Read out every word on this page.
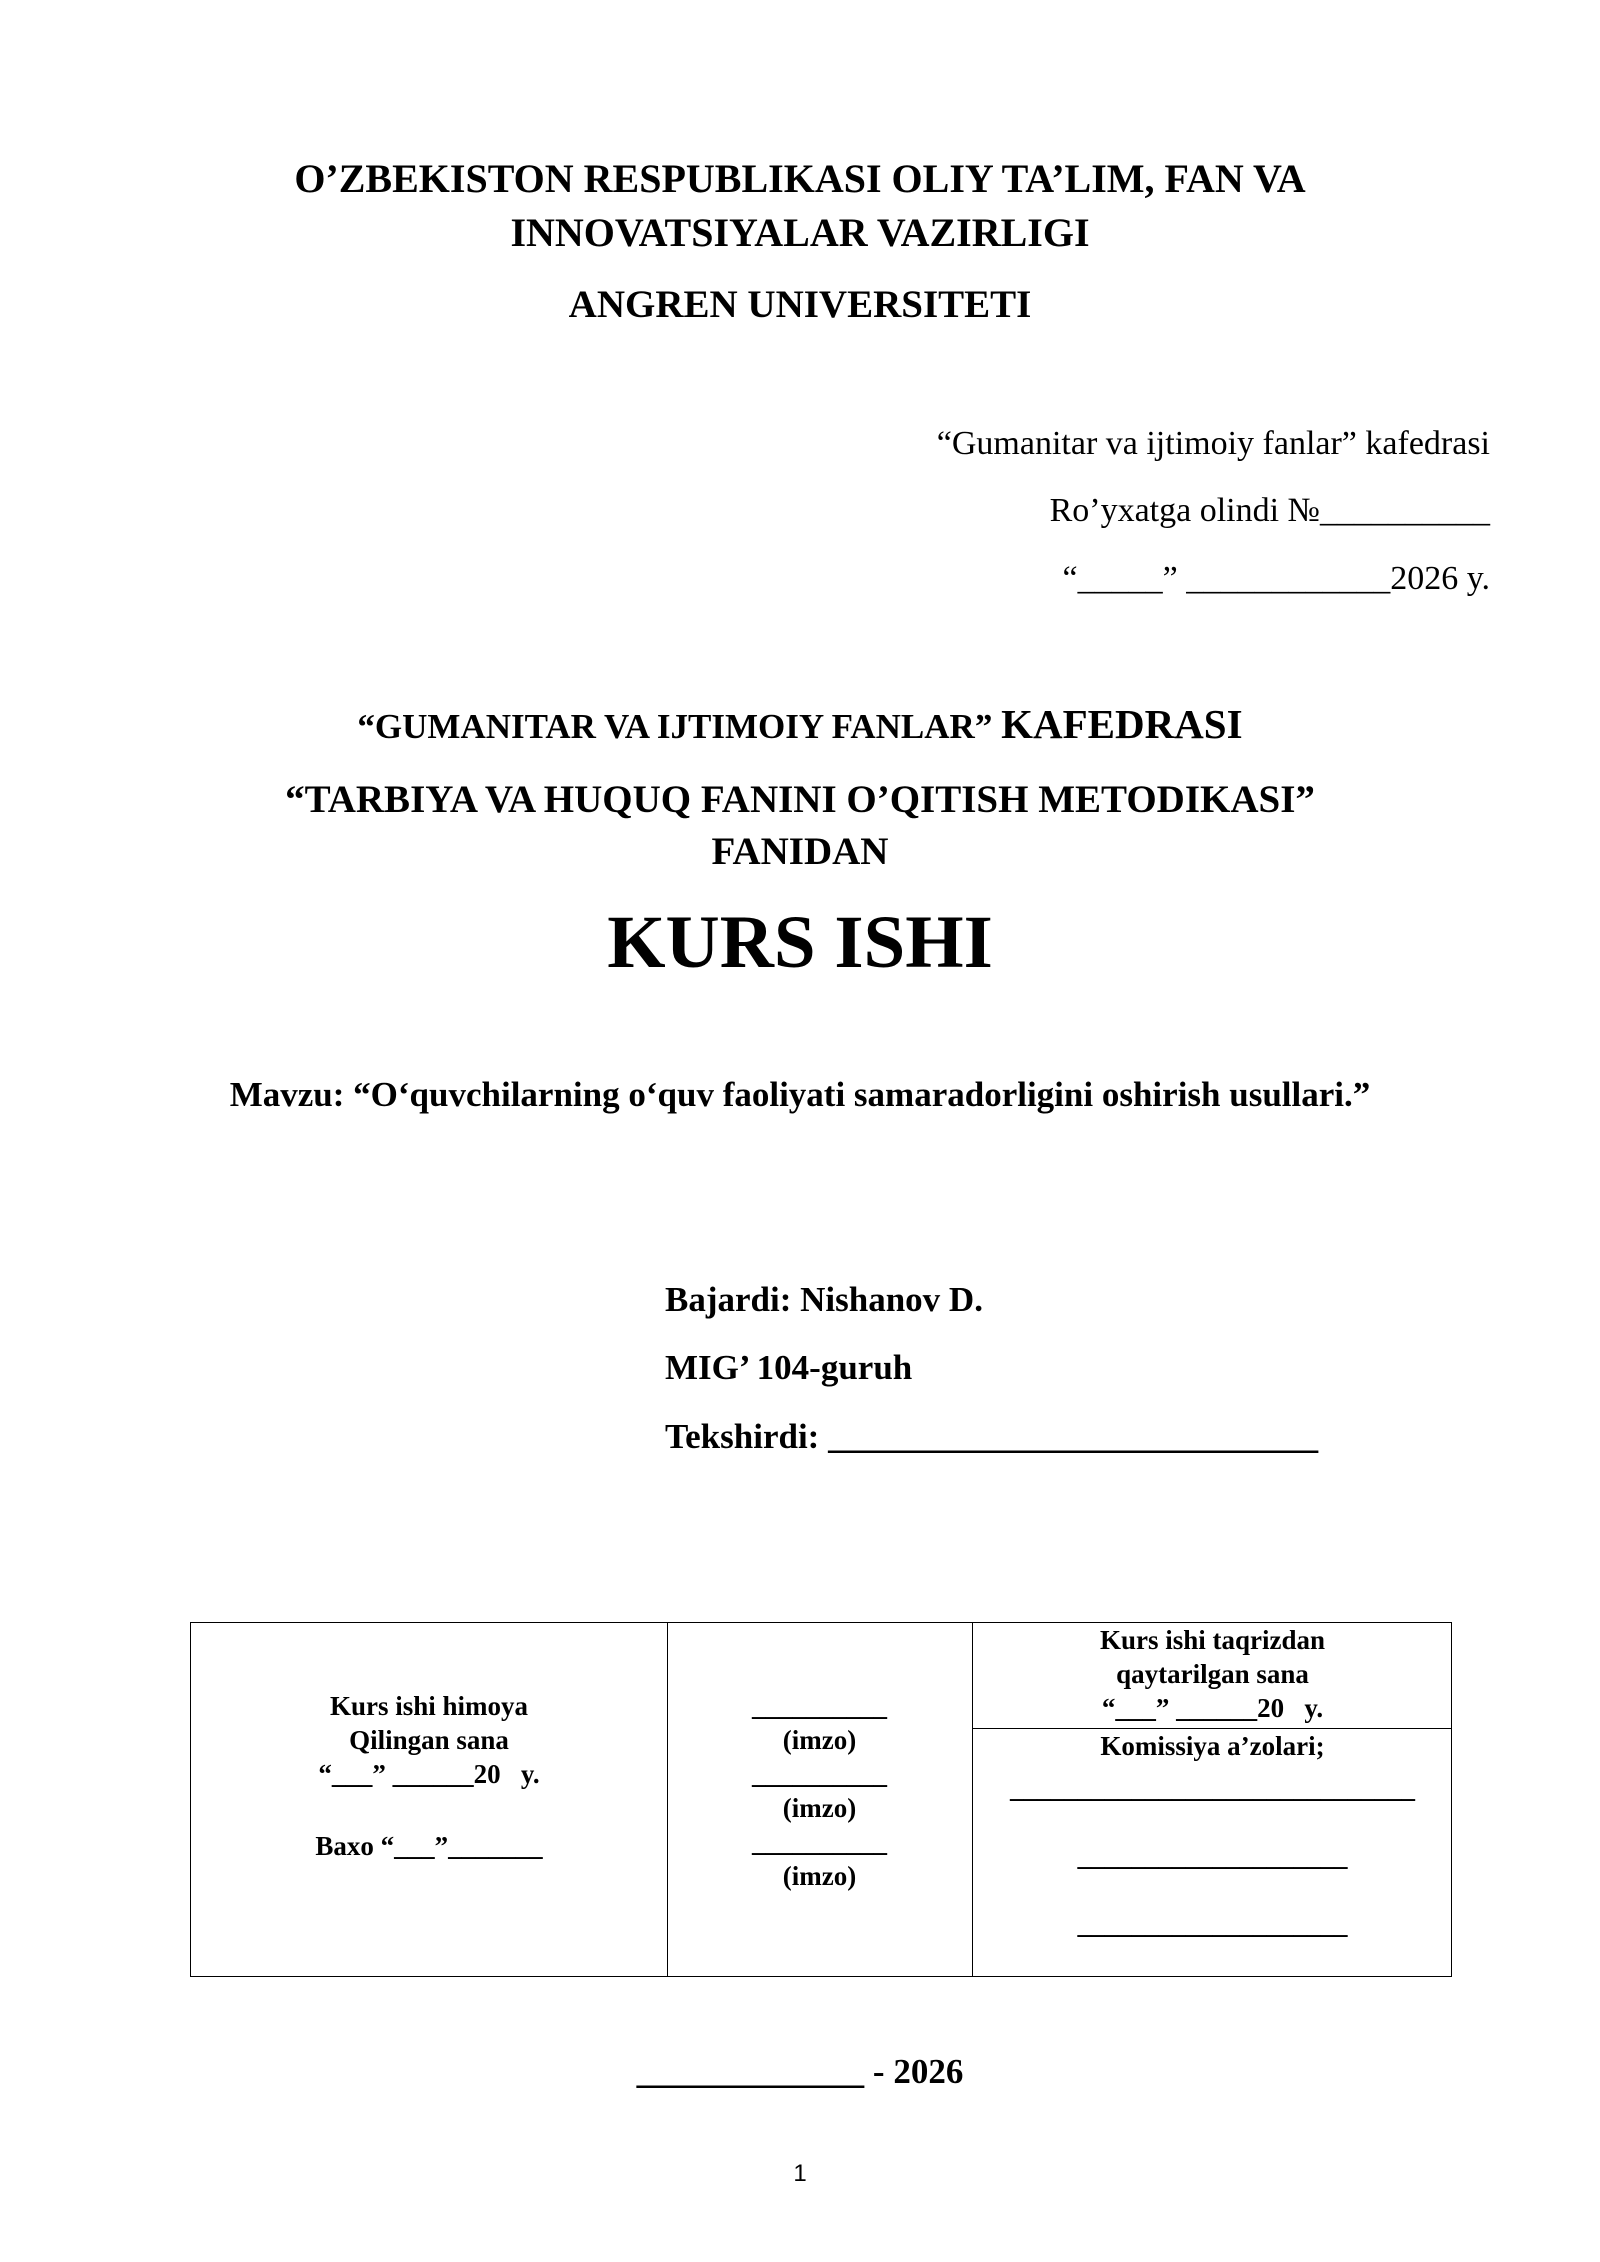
O’ZBEKISTON RESPUBLIKASI OLIY TA’LIM, FAN VA
INNOVATSIYALAR VAZIRLIGI
ANGREN UNIVERSITETI
“Gumanitar va ijtimoiy fanlar” kafedrasi
Ro’yxatga olindi №__________
“_____” ____________2026 y.
“GUMANITAR VA IJTIMOIY FANLAR” KAFEDRASI
“TARBIYA VA HUQUQ FANINI O’QITISH METODIKASI”
FANIDAN
KURS ISHI
Mavzu: “O‘quvchilarning o‘quv faoliyati samaradorligini oshirish usullari.”
Bajardi: Nishanov D.
MIG’ 104-guruh
Tekshirdi: ____________________________
Kurs ishi himoya
Qilingan sana
“___” ______20   y.
Baxo “___”_______
__________
(imzo)
__________
(imzo)
__________
(imzo)
Kurs ishi taqrizdan
qaytarilgan sana
“___” ______20   y.
Komissiya a’zolari;
______________________________
____________________
____________________
_____________ - 2026
1
